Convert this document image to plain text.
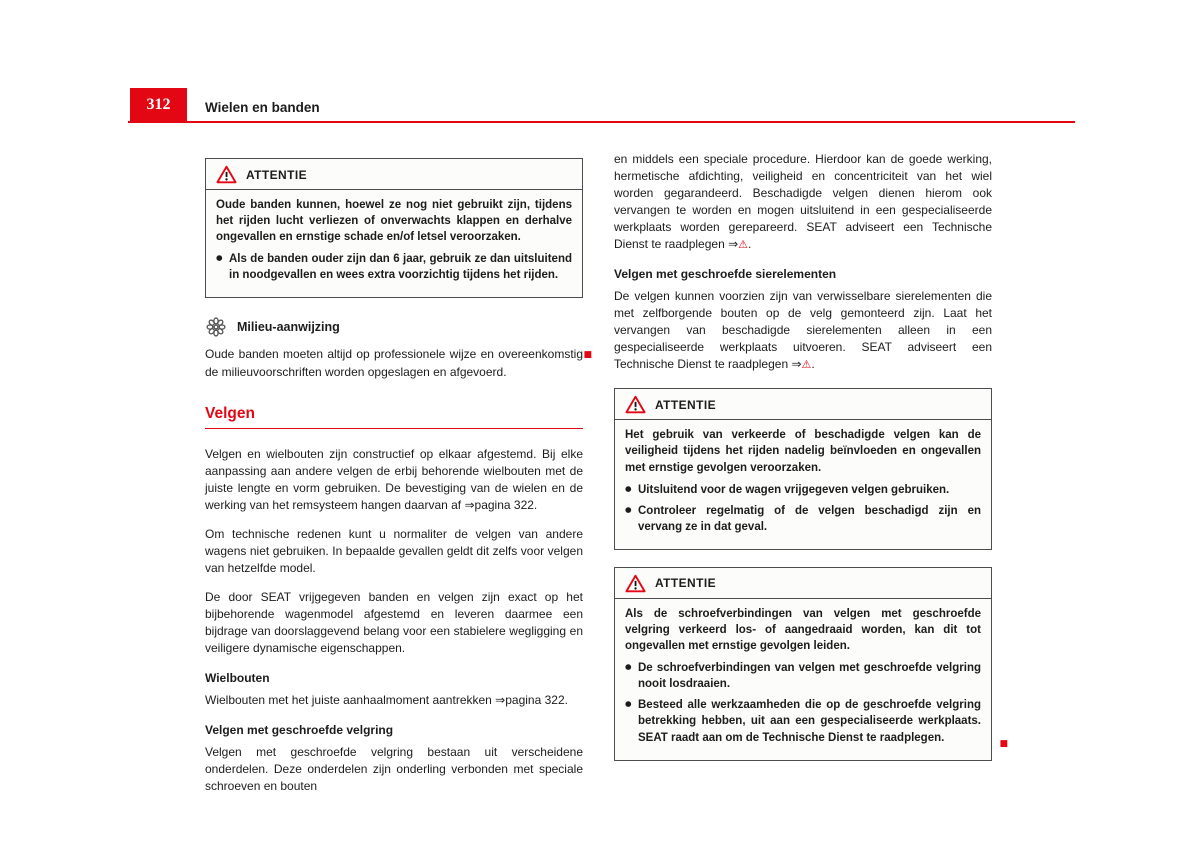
312	Wielen en banden
ATTENTIE

Oude banden kunnen, hoewel ze nog niet gebruikt zijn, tijdens het rijden lucht verliezen of onverwachts klappen en derhalve ongevallen en ernstige schade en/of letsel veroorzaken.

● Als de banden ouder zijn dan 6 jaar, gebruik ze dan uitsluitend in noodgevallen en wees extra voorzichtig tijdens het rijden.
Milieu-aanwijzing

Oude banden moeten altijd op professionele wijze en overeenkomstig de milieuvoorschriften worden opgeslagen en afgevoerd.
■

Velgen

Velgen en wielbouten zijn constructief op elkaar afgestemd. Bij elke aanpassing aan andere velgen de erbij behorende wielbouten met de juiste lengte en vorm gebruiken. De bevestiging van de wielen en de werking van het remsysteem hangen daarvan af ⇒pagina 322.

Om technische redenen kunt u normaliter de velgen van andere wagens niet gebruiken. In bepaalde gevallen geldt dit zelfs voor velgen van hetzelfde model.

De door SEAT vrijgegeven banden en velgen zijn exact op het bijbehorende wagenmodel afgestemd en leveren daarmee een bijdrage van doorslaggevend belang voor een stabielere wegligging en veiligere dynamische eigenschappen.

Wielbouten

Wielbouten met het juiste aanhaalmoment aantrekken ⇒pagina 322.

Velgen met geschroefde velgring

Velgen met geschroefde velgring bestaan uit verscheidene onderdelen. Deze onderdelen zijn onderling verbonden met speciale schroeven en bouten

en middels een speciale procedure. Hierdoor kan de goede werking, hermetische afdichting, veiligheid en concentriciteit van het wiel worden gegarandeerd. Beschadigde velgen dienen hierom ook vervangen te worden en mogen uitsluitend in een gespecialiseerde werkplaats worden gerepareerd. SEAT adviseert een Technische Dienst te raadplegen ⇒⚠.

Velgen met geschroefde sierelementen

De velgen kunnen voorzien zijn van verwisselbare sierelementen die met zelfborgende bouten op de velg gemonteerd zijn. Laat het vervangen van beschadigde sierelementen alleen in een gespecialiseerde werkplaats uitvoeren. SEAT adviseert een Technische Dienst te raadplegen ⇒⚠.

ATTENTIE

Het gebruik van verkeerde of beschadigde velgen kan de veiligheid tijdens het rijden nadelig beïnvloeden en ongevallen met ernstige gevolgen veroorzaken.

● Uitsluitend voor de wagen vrijgegeven velgen gebruiken.
● Controleer regelmatig of de velgen beschadigd zijn en vervang ze in dat geval.
ATTENTIE

Als de schroefverbindingen van velgen met geschroefde velgring verkeerd los- of aangedraaid worden, kan dit tot ongevallen met ernstige gevolgen leiden.

● De schroefverbindingen van velgen met geschroefde velgring nooit losdraaien.
● Besteed alle werkzaamheden die op de geschroefde velgring betrekking hebben, uit aan een gespecialiseerde werkplaats. SEAT raadt aan om de Technische Dienst te raadplegen.
■
